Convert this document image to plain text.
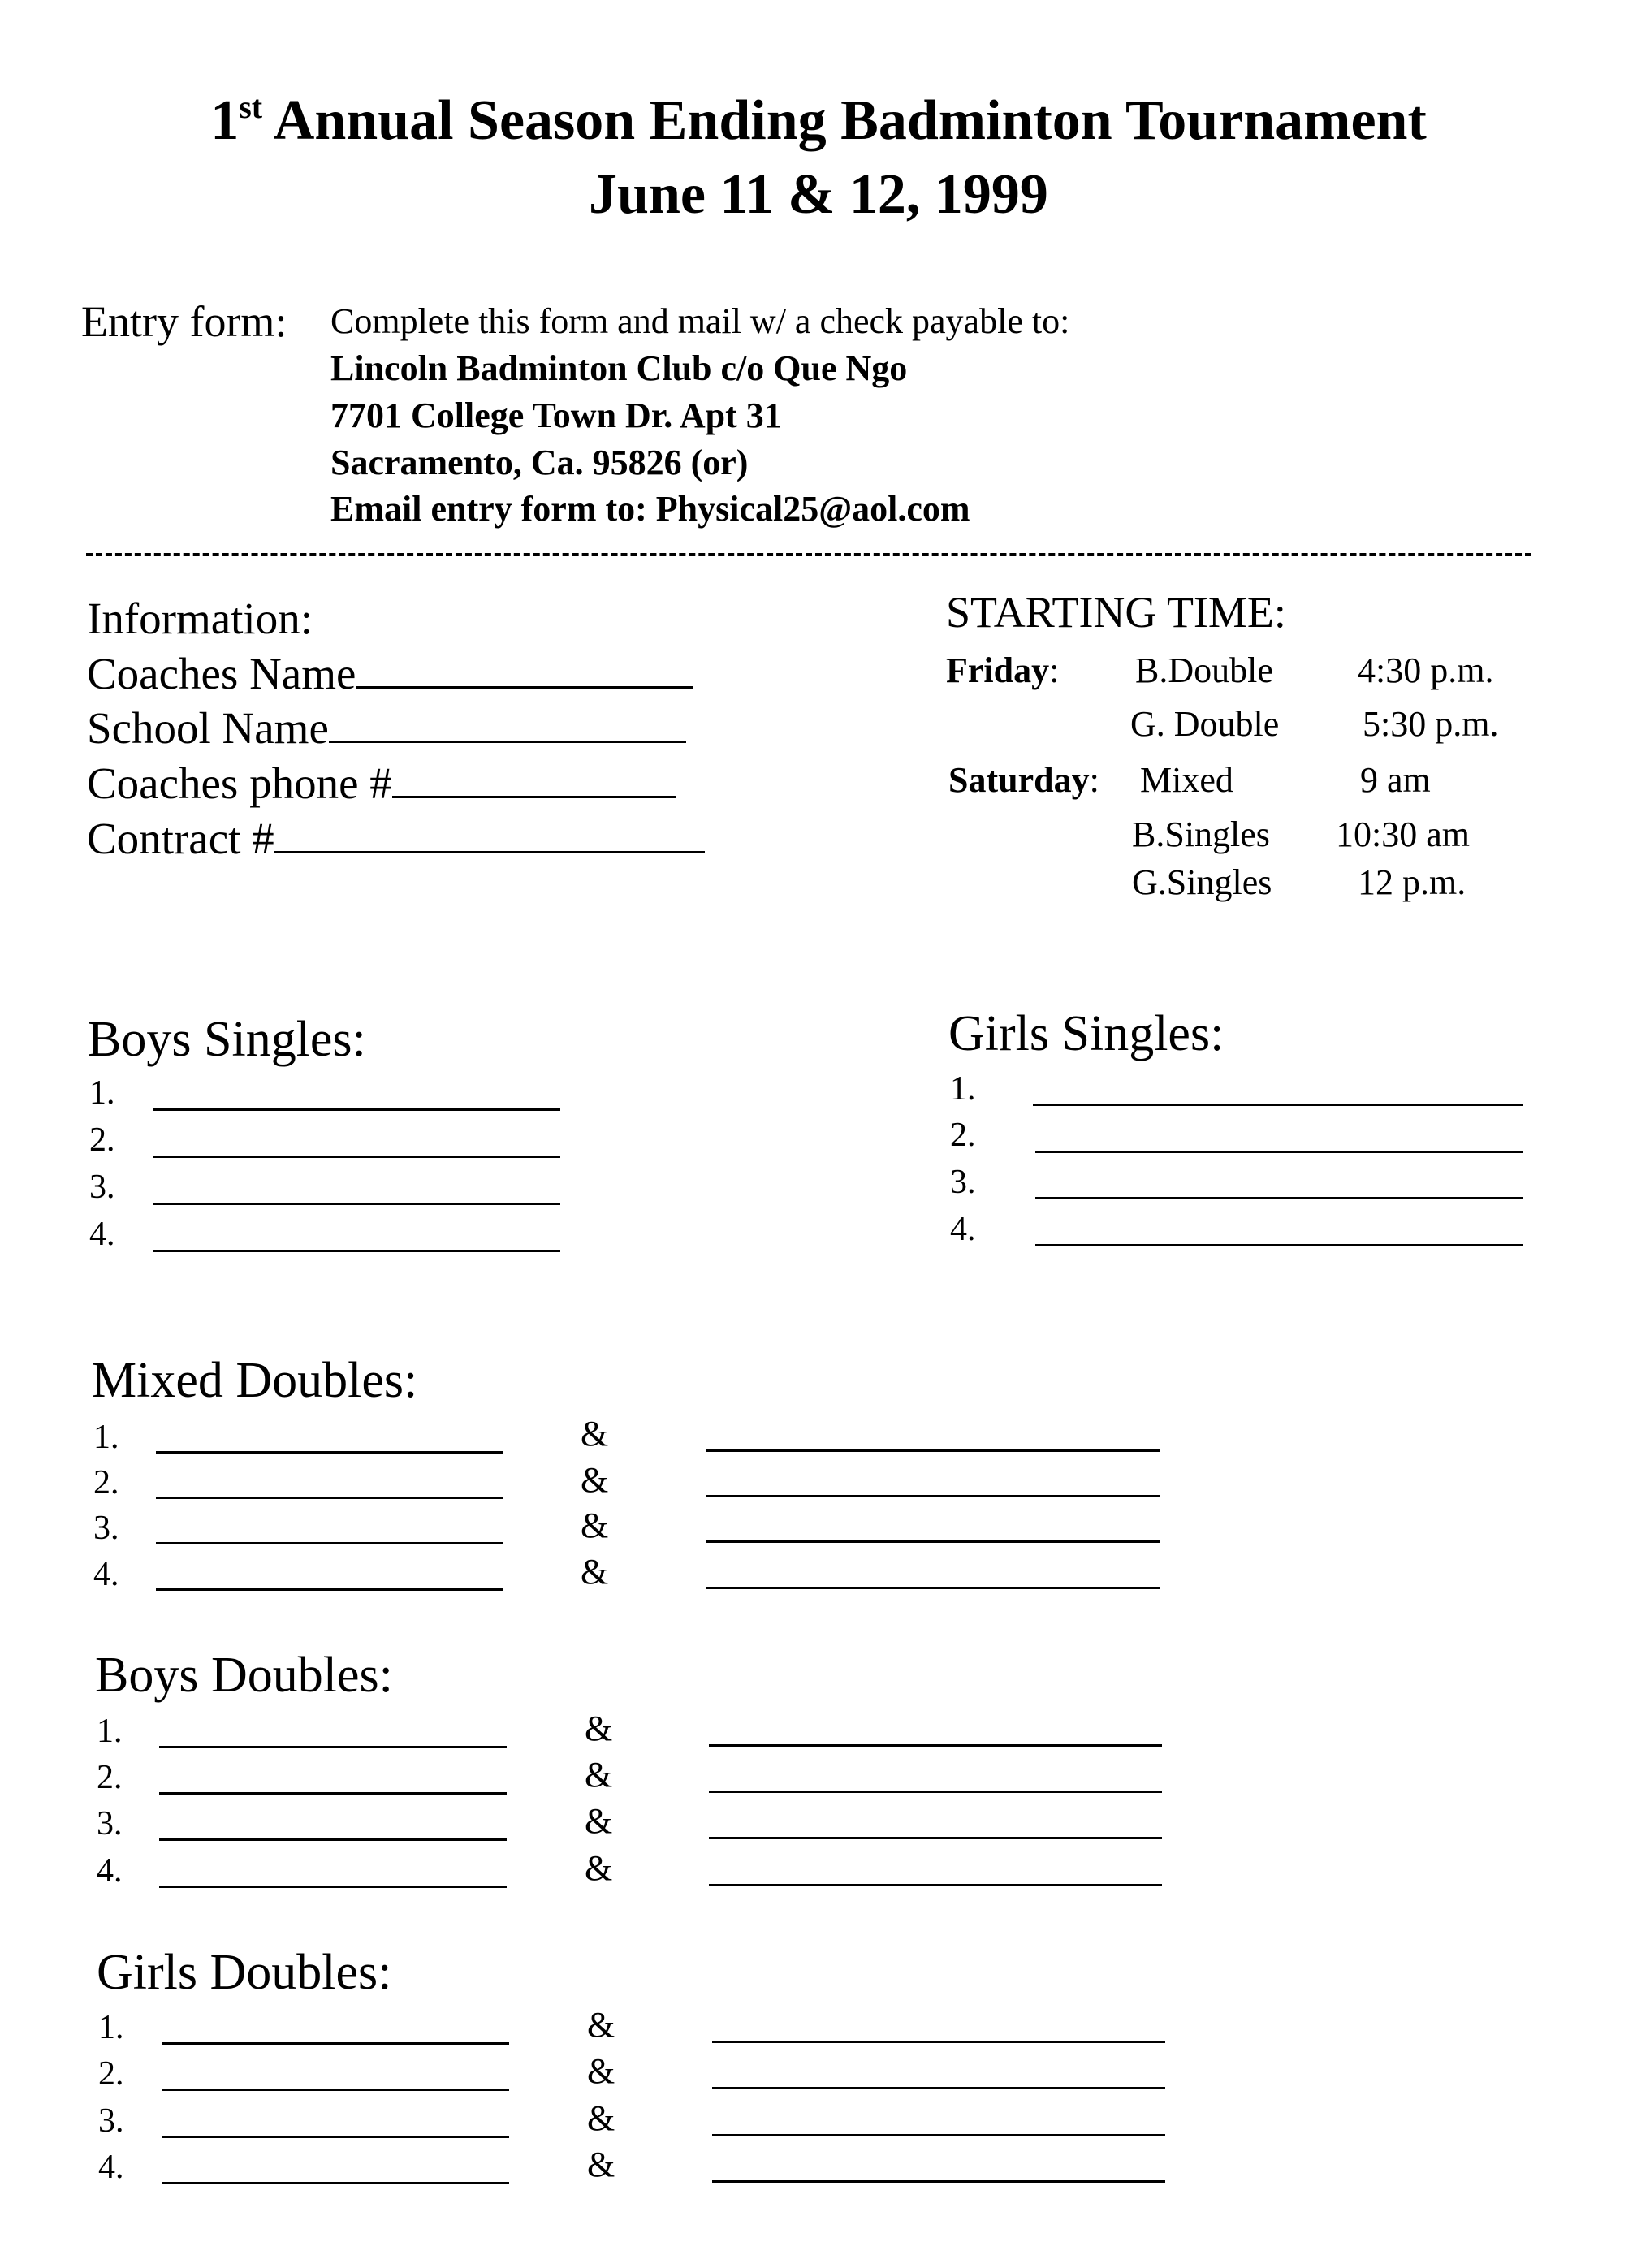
1st Annual Season Ending Badminton Tournament
June 11 & 12, 1999
Entry form: Complete this form and mail w/ a check payable to:
Lincoln Badminton Club c/o Que Ngo
7701 College Town Dr. Apt 31
Sacramento, Ca. 95826 (or)
Email entry form to: Physical25@aol.com
Information:
Coaches Name
School Name
Coaches phone #
Contract #
STARTING TIME:
Friday: B.Double 4:30 p.m.
G. Double 5:30 p.m.
Saturday: Mixed	9 am
B.Singles 10:30 am
G.Singles 12 p.m.
Boys Singles:
1.
2.
3.
4.
Girls Singles:
1.
2.
3.
4.
Mixed Doubles:
1.
2.
3.
4.
&
&
&
&
Boys Doubles:
1.
2.
3.
4.
&
&
&
&
Girls Doubles:
1.
2.
3.
4.
&
&
&
&
